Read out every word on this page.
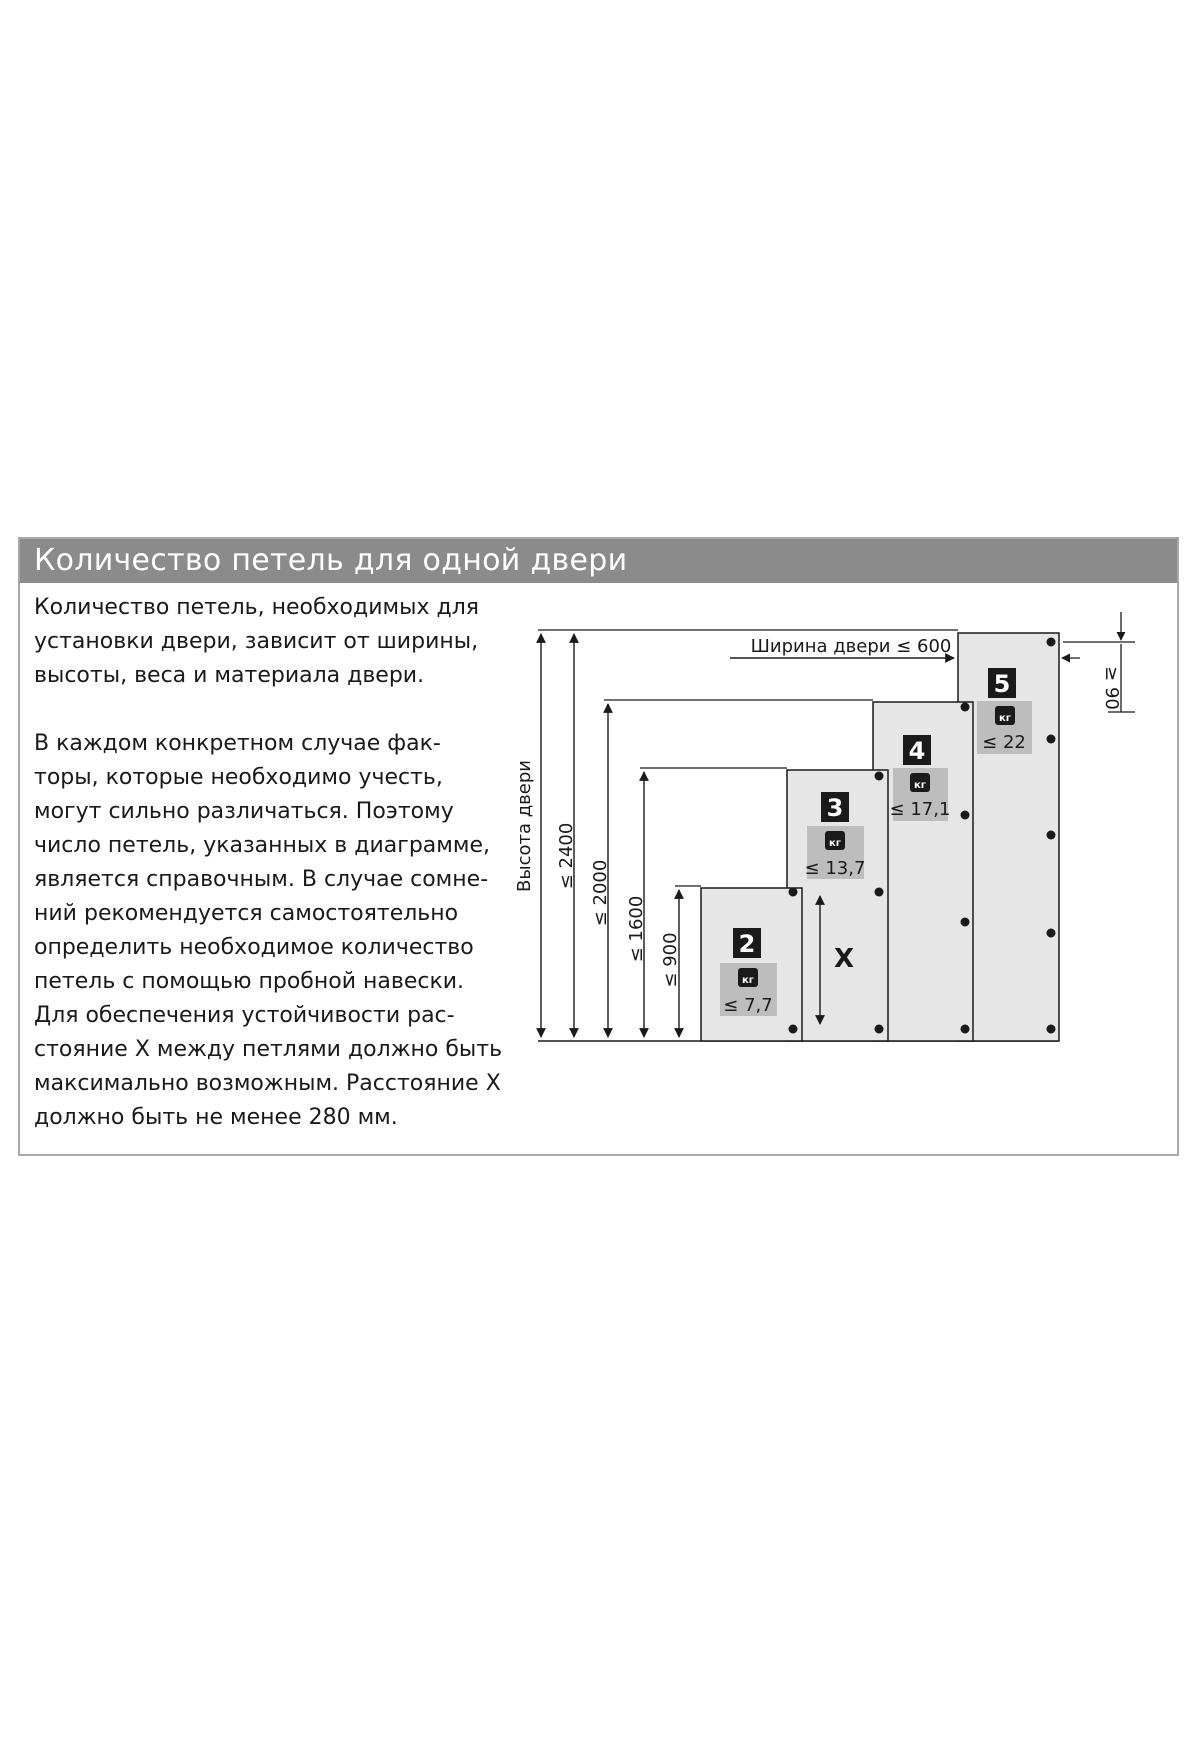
Количество петель для одной двери

Количество петель, необходимых для
установки двери, зависит от ширины,
высоты, веса и материала двери.

В каждом конкретном случае фак-
торы, которые необходимо учесть,
могут сильно различаться. Поэтому
число петель, указанных в диаграмме,
является справочным. В случае сомне-
ний рекомендуется самостоятельно
определить необходимое количество
петель с помощью пробной навески.
Для обеспечения устойчивости рас-
стояние X между петлями должно быть
максимально возможным. Расстояние X
должно быть не менее 280 мм.

5
кг
≤ 22
4
кг
≤ 17,1
3
кг
≤ 13,7
2
кг
≤ 7,7
Высота двери ≤ 2400
≤ 2000
≤ 1600 ≤ 900
Ширина двери ≤ 600
≥ 90
X
